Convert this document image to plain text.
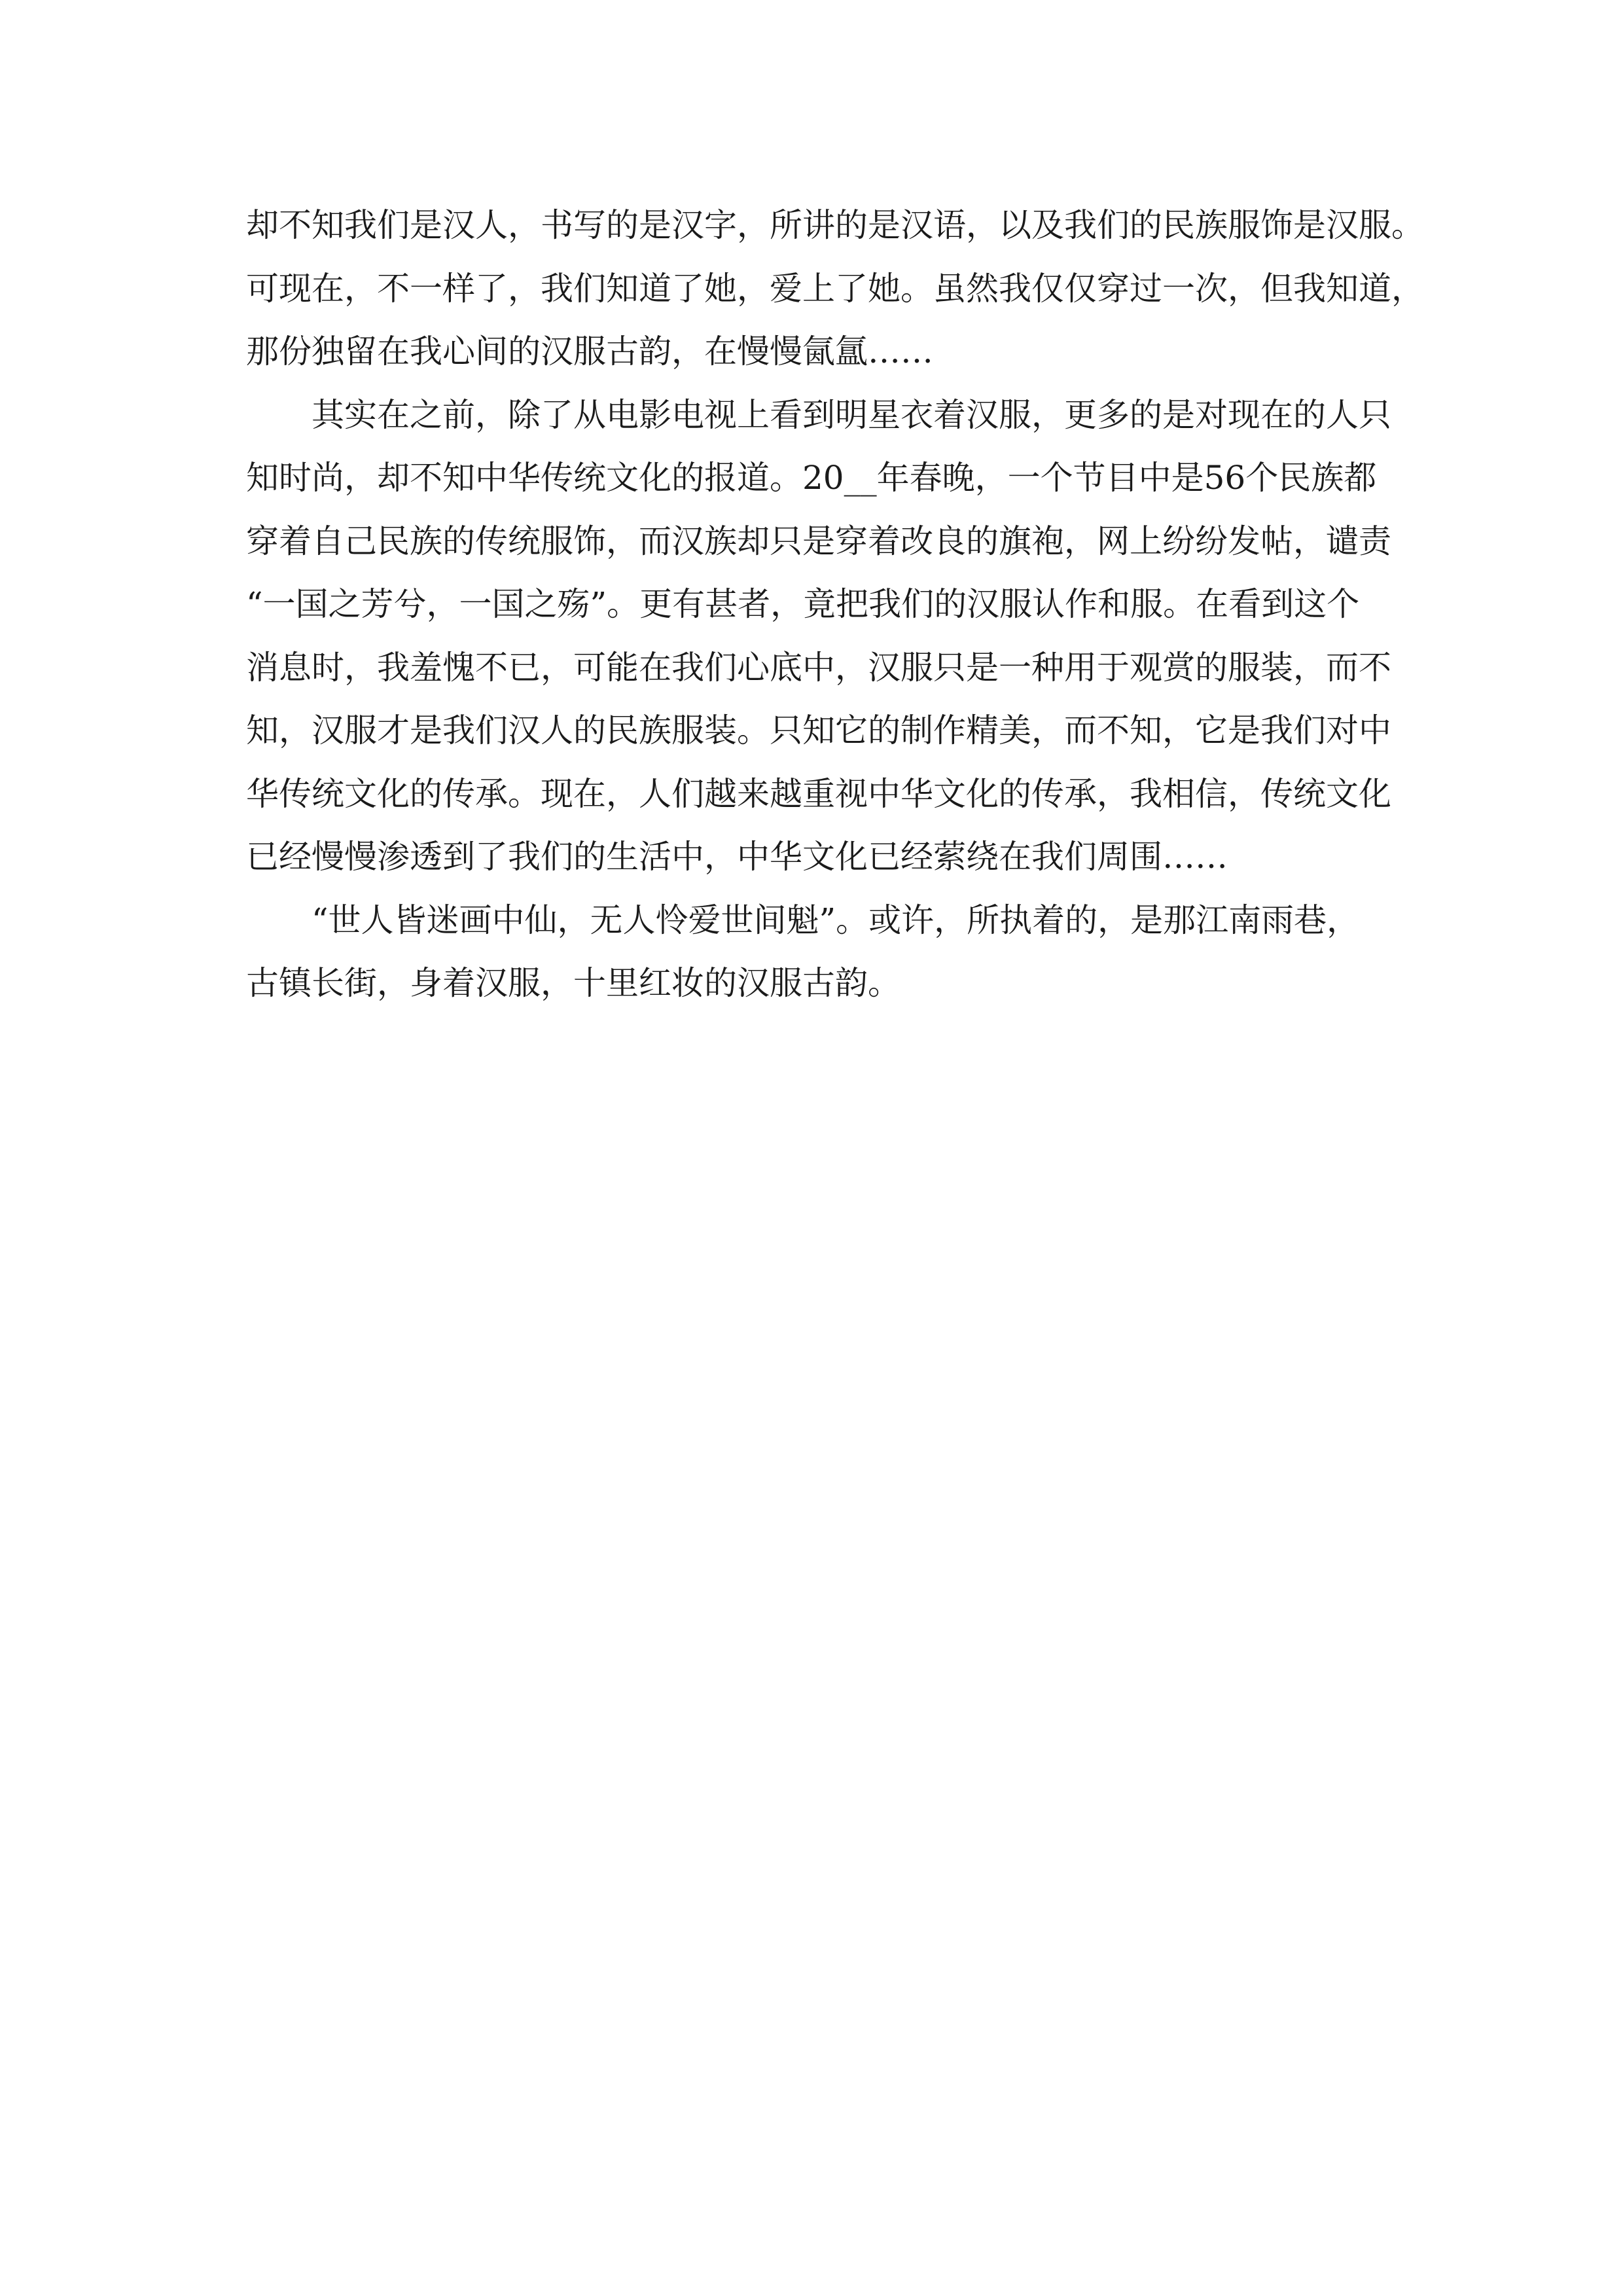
却不知我们是汉人，书写的是汉字，所讲的是汉语，以及我们的民族服饰是汉服。
可现在，不一样了，我们知道了她，爱上了她。虽然我仅仅穿过一次，但我知道，
那份独留在我心间的汉服古韵，在慢慢氤氲……
其实在之前，除了从电影电视上看到明星衣着汉服，更多的是对现在的人只
知时尚，却不知中华传统文化的报道。20__年春晚，一个节目中是56个民族都
穿着自己民族的传统服饰，而汉族却只是穿着改良的旗袍，网上纷纷发帖，谴责
“一国之芳兮，一国之殇”。更有甚者，竟把我们的汉服认作和服。在看到这个
消息时，我羞愧不已，可能在我们心底中，汉服只是一种用于观赏的服装，而不
知，汉服才是我们汉人的民族服装。只知它的制作精美，而不知，它是我们对中
华传统文化的传承。现在，人们越来越重视中华文化的传承，我相信，传统文化
已经慢慢渗透到了我们的生活中，中华文化已经萦绕在我们周围……
“世人皆迷画中仙，无人怜爱世间魁”。或许，所执着的，是那江南雨巷，
古镇长街，身着汉服，十里红妆的汉服古韵。
